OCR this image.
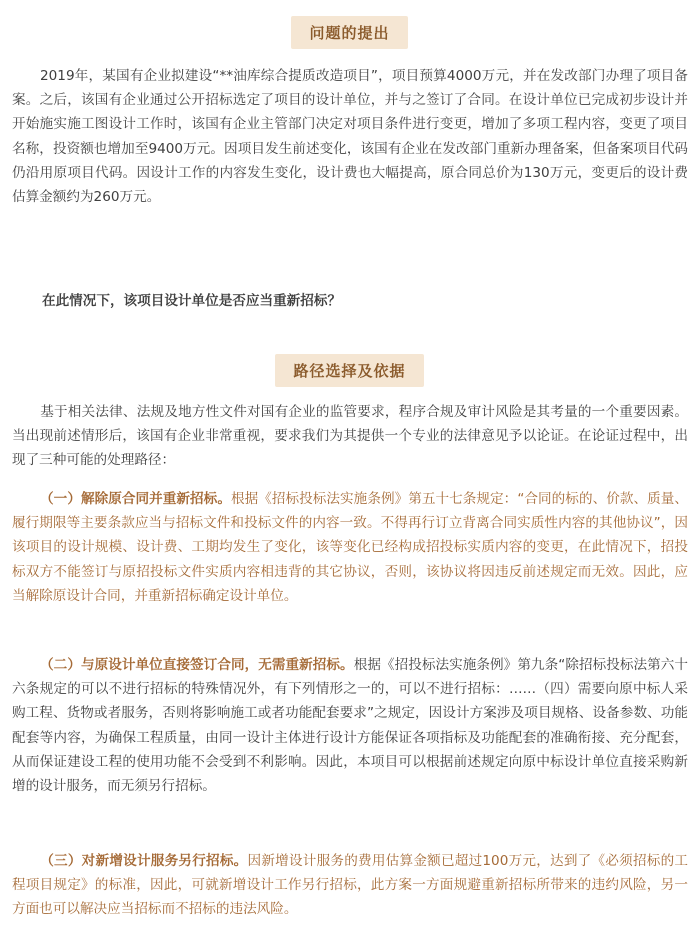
问题的提出

2019年，某国有企业拟建设“**油库综合提质改造项目”，项目预算4000万元，并在发改部门办理了项目备案。之后，该国有企业通过公开招标选定了项目的设计单位，并与之签订了合同。在设计单位已完成初步设计并开始施实施工图设计工作时，该国有企业主管部门决定对项目条件进行变更，增加了多项工程内容，变更了项目名称，投资额也增加至9400万元。因项目发生前述变化，该国有企业在发改部门重新办理备案，但备案项目代码仍沿用原项目代码。因设计工作的内容发生变化，设计费也大幅提高，原合同总价为130万元，变更后的设计费估算金额约为260万元。

在此情况下，该项目设计单位是否应当重新招标？
路径选择及依据

基于相关法律、法规及地方性文件对国有企业的监管要求，程序合规及审计风险是其考量的一个重要因素。当出现前述情形后，该国有企业非常重视，要求我们为其提供一个专业的法律意见予以论证。在论证过程中，出现了三种可能的处理路径：

（一）解除原合同并重新招标。根据《招标投标法实施条例》第五十七条规定：“合同的标的、价款、质量、履行期限等主要条款应当与招标文件和投标文件的内容一致。不得再行订立背离合同实质性内容的其他协议”，因该项目的设计规模、设计费、工期均发生了变化，该等变化已经构成招投标实质内容的变更，在此情况下，招投标双方不能签订与原招投标文件实质内容相违背的其它协议，否则，该协议将因违反前述规定而无效。因此，应当解除原设计合同，并重新招标确定设计单位。

（二）与原设计单位直接签订合同，无需重新招标。根据《招投标法实施条例》第九条“除招标投标法第六十六条规定的可以不进行招标的特殊情况外，有下列情形之一的，可以不进行招标：……（四）需要向原中标人采购工程、货物或者服务，否则将影响施工或者功能配套要求”之规定，因设计方案涉及项目规格、设备参数、功能配套等内容，为确保工程质量，由同一设计主体进行设计方能保证各项指标及功能配套的准确衔接、充分配套，从而保证建设工程的使用功能不会受到不利影响。因此，本项目可以根据前述规定向原中标设计单位直接采购新增的设计服务，而无须另行招标。

（三）对新增设计服务另行招标。因新增设计服务的费用估算金额已超过100万元，达到了《必须招标的工程项目规定》的标准，因此，可就新增设计工作另行招标，此方案一方面规避重新招标所带来的违约风险，另一方面也可以解决应当招标而不招标的违法风险。
